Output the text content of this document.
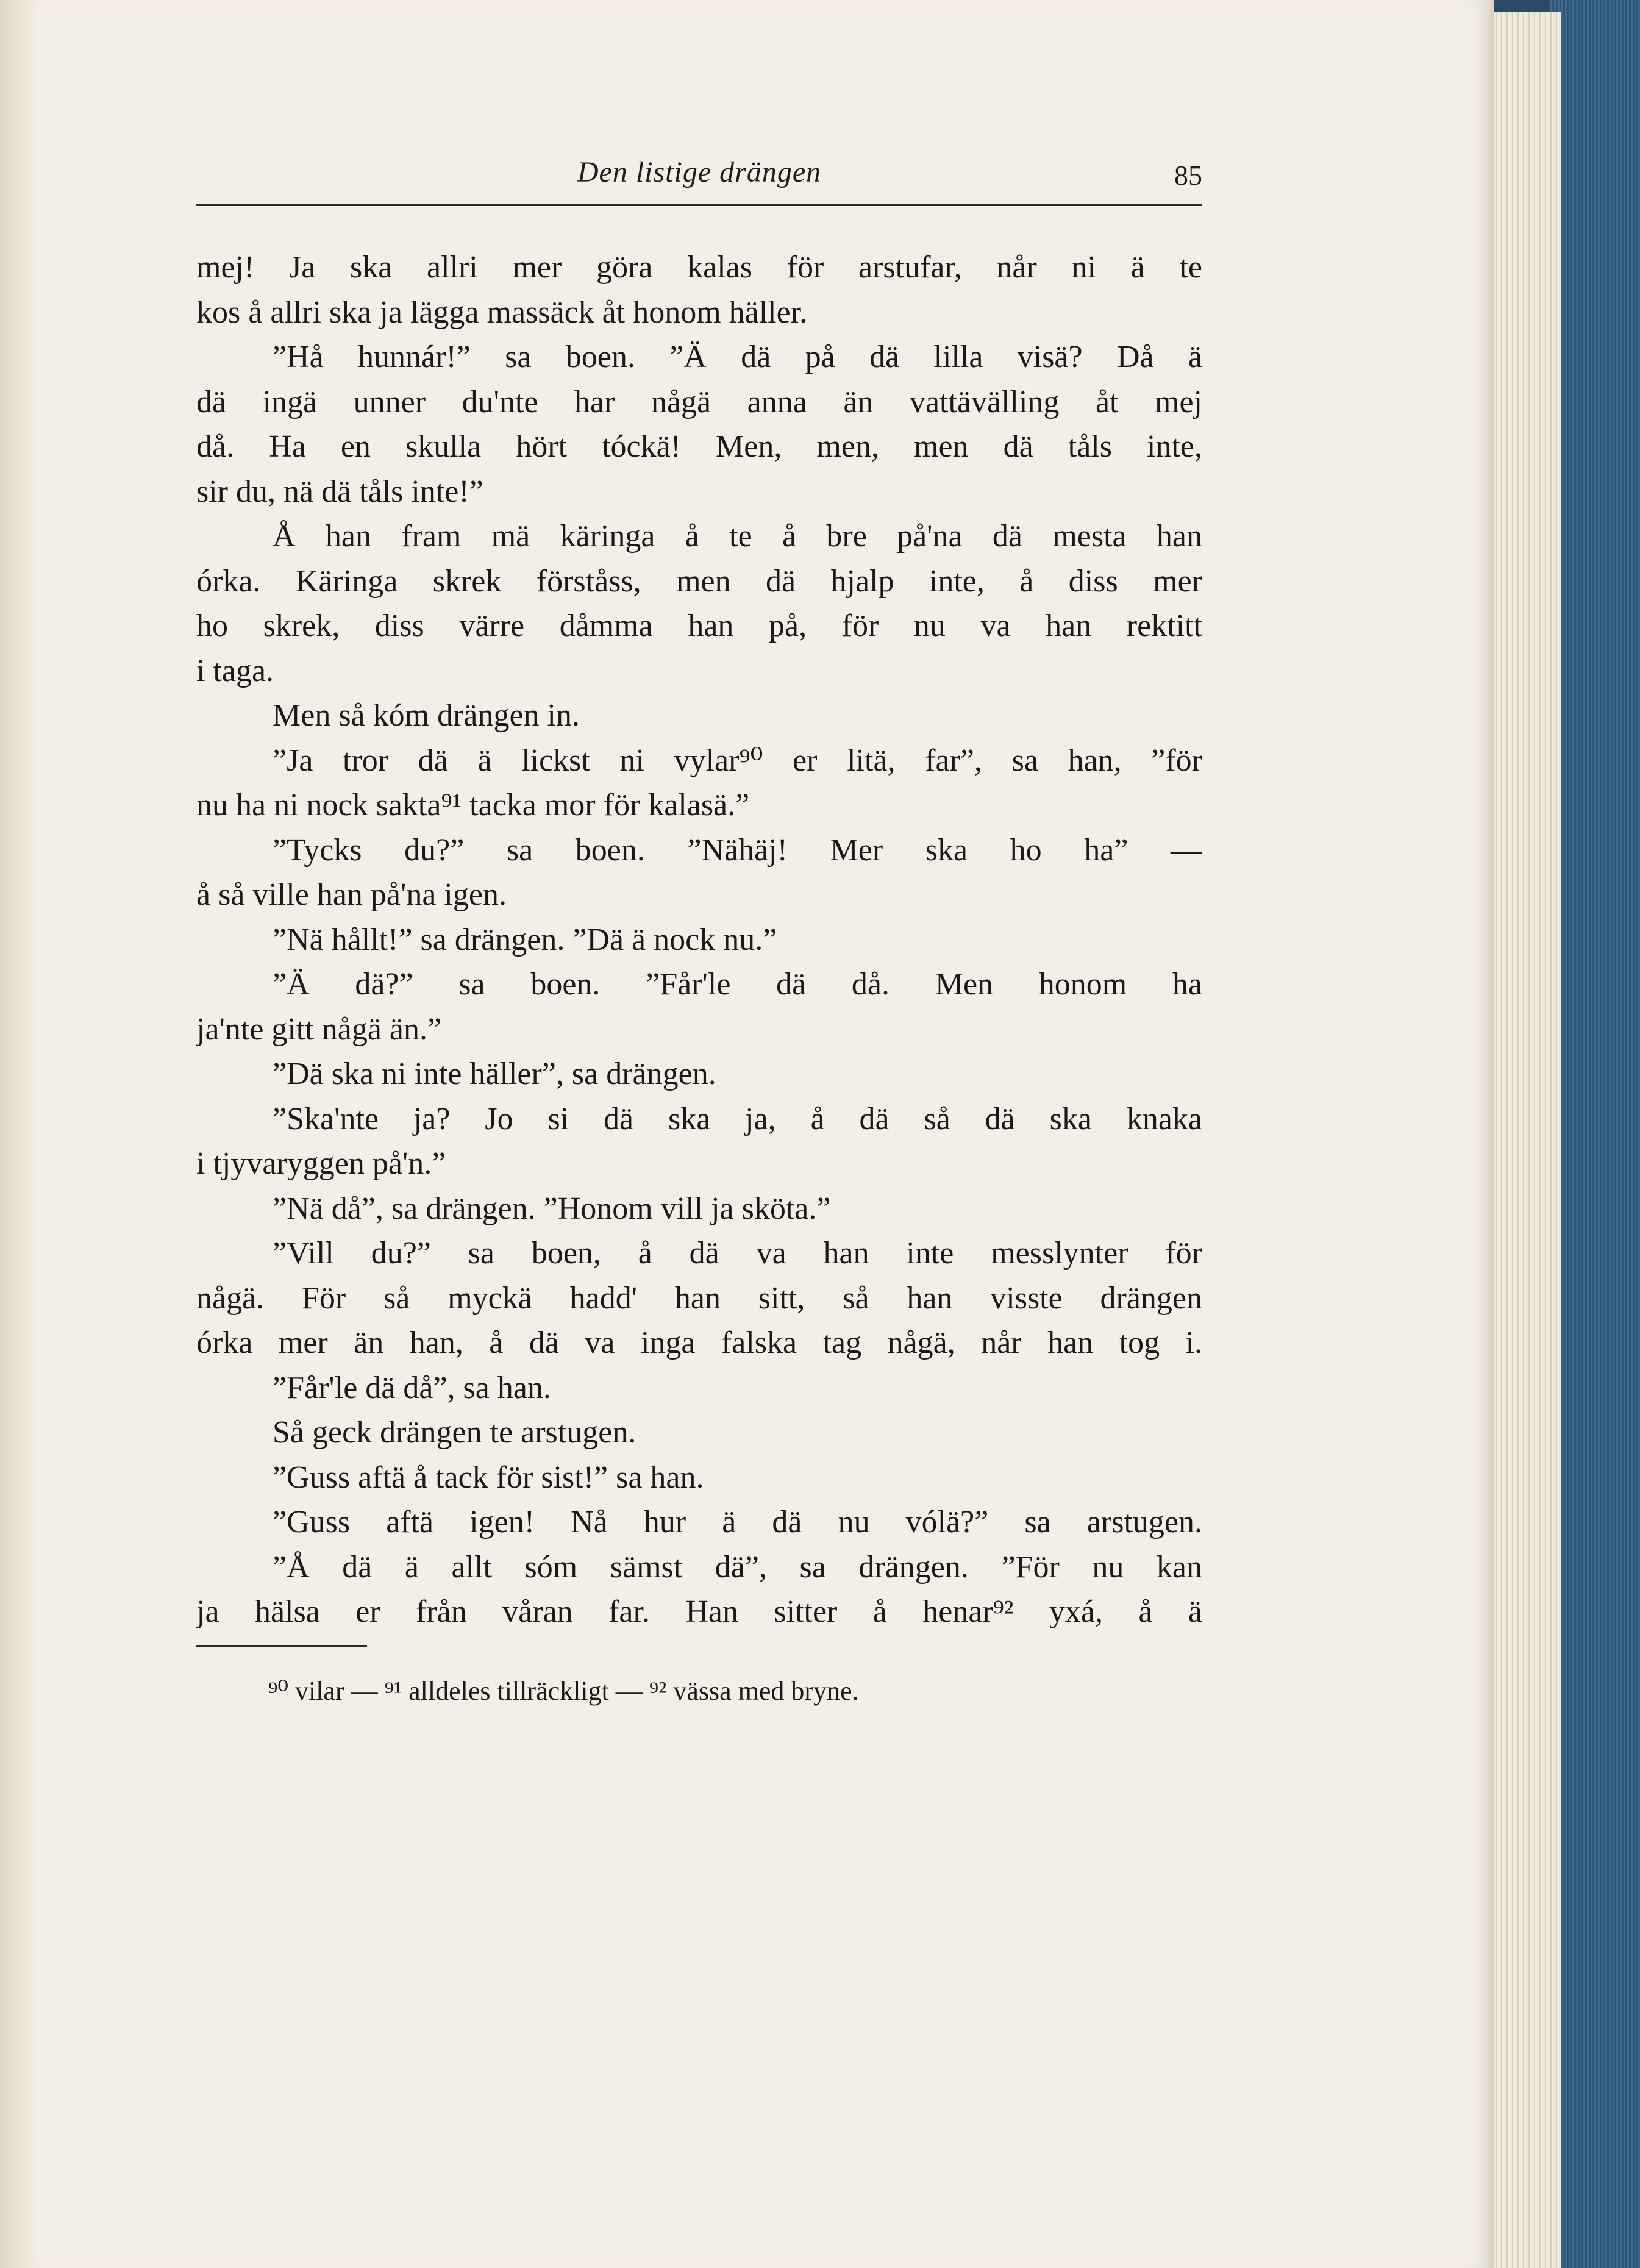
Den listige drängen	85
mej! Ja ska allri mer göra kalas för arstufar, når ni ä te
kos å allri ska ja lägga massäck åt honom häller.
”Hå hunnár!” sa boen. ”Ä dä på dä lilla visä? Då ä
dä ingä unner du'nte har någä anna än vattävälling åt mej
då. Ha en skulla hört tóckä! Men, men, men dä tåls inte,
sir du, nä dä tåls inte!”
Å han fram mä käringa å te å bre på'na dä mesta han
órka. Käringa skrek förståss, men dä hjalp inte, å diss mer
ho skrek, diss värre dåmma han på, för nu va han rektitt
i taga.
Men så kóm drängen in.
”Ja tror dä ä lickst ni vylar⁹⁰ er litä, far”, sa han, ”för
nu ha ni nock sakta⁹¹ tacka mor för kalasä.”
”Tycks du?” sa boen. ”Nähäj! Mer ska ho ha” —
å så ville han på'na igen.
”Nä hållt!” sa drängen. ”Dä ä nock nu.”
”Ä dä?” sa boen. ”Får'le dä då. Men honom ha
ja'nte gitt någä än.”
”Dä ska ni inte häller”, sa drängen.
”Ska'nte ja? Jo si dä ska ja, å dä så dä ska knaka
i tjyvaryggen på'n.”
”Nä då”, sa drängen. ”Honom vill ja sköta.”
”Vill du?” sa boen, å dä va han inte messlynter för
någä. För så myckä hadd' han sitt, så han visste drängen
órka mer än han, å dä va inga falska tag någä, når han tog i.
”Får'le dä då”, sa han.
Så geck drängen te arstugen.
”Guss aftä å tack för sist!” sa han.
”Guss aftä igen! Nå hur ä dä nu vólä?” sa arstugen.
”Å dä ä allt sóm sämst dä”, sa drängen. ”För nu kan
ja hälsa er från våran far. Han sitter å henar⁹² yxá, å ä
⁹⁰ vilar — ⁹¹ alldeles tillräckligt — ⁹² vässa med bryne.
